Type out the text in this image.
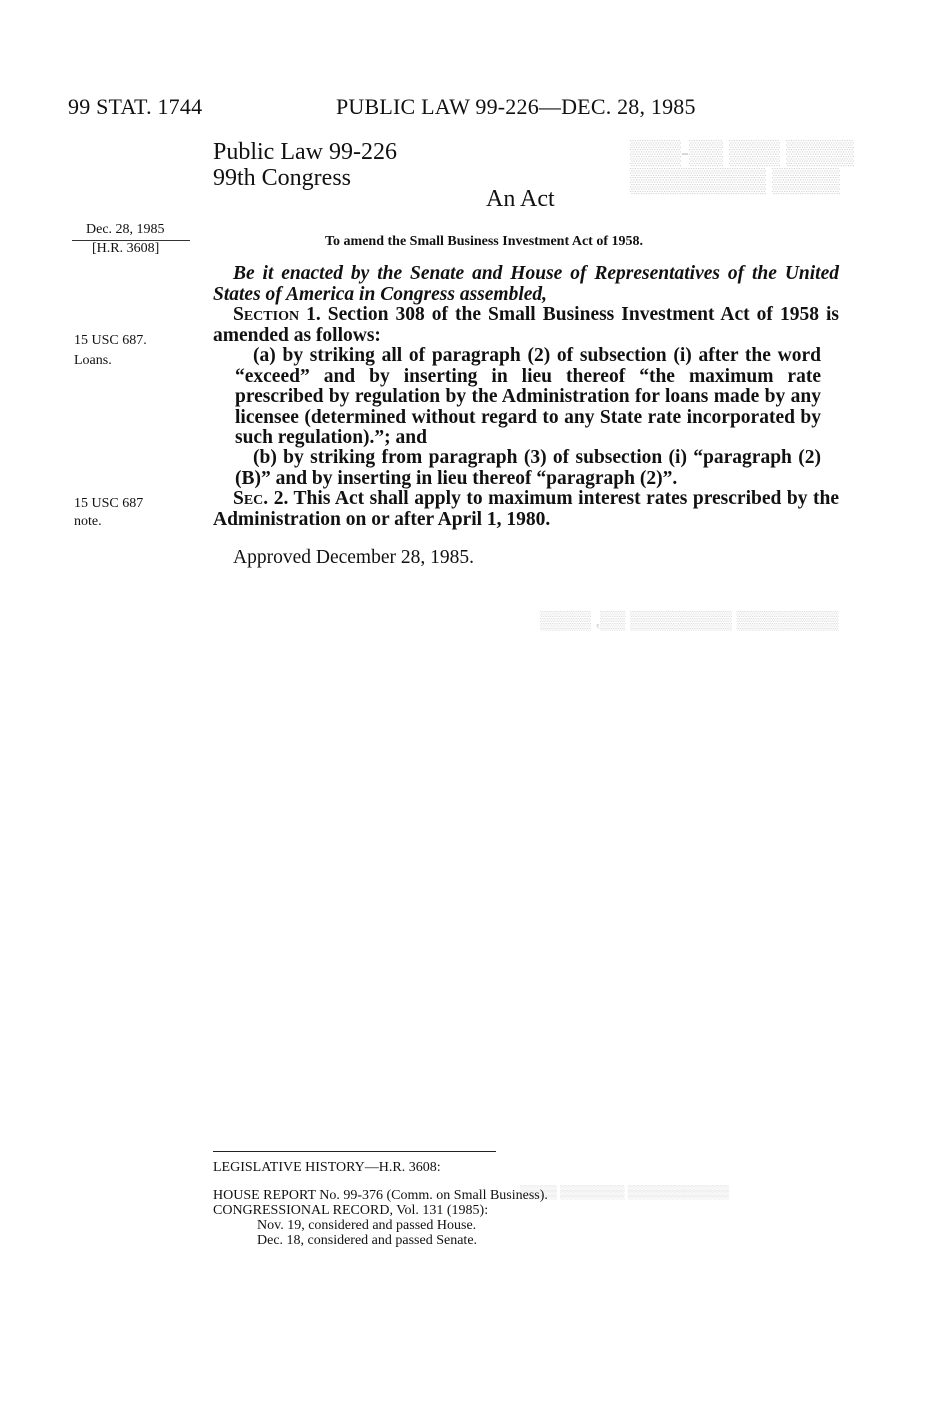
▒▒▒▒ ▒▒▒ ▒▒-▒▒▒
▒▒▒▒ ▒▒▒▒▒▒▒▒
▒▒▒▒▒▒▒▒ ▒▒▒▒▒▒▒▒ ▒▒, ▒▒▒▒
▒▒▒▒▒▒▒▒▒▒▒ ▒▒▒▒▒▒▒ ▒▒▒▒
99 STAT. 1744	PUBLIC LAW 99-226—DEC. 28, 1985
Public Law 99-226
99th Congress
An Act
Dec. 28, 1985
[H.R. 3608]	To amend the Small Business Investment Act of 1958.
Be it enacted by the Senate and House of Representatives of the United States of America in Congress assembled,
15 USC 687.
Loans.
Section 1. Section 308 of the Small Business Investment Act of 1958 is amended as follows:
(a) by striking all of paragraph (2) of subsection (i) after the word “exceed” and by inserting in lieu thereof “the maximum rate prescribed by regulation by the Administration for loans made by any licensee (determined without regard to any State rate incorporated by such regulation).”; and
(b) by striking from paragraph (3) of subsection (i) “paragraph (2)(B)” and by inserting in lieu thereof “paragraph (2)”.
15 USC 687
note.
Sec. 2. This Act shall apply to maximum interest rates prescribed by the Administration on or after April 1, 1980.
Approved December 28, 1985.
LEGISLATIVE HISTORY—H.R. 3608:
HOUSE REPORT No. 99-376 (Comm. on Small Business).
CONGRESSIONAL RECORD, Vol. 131 (1985):
Nov. 19, considered and passed House.
Dec. 18, considered and passed Senate.
